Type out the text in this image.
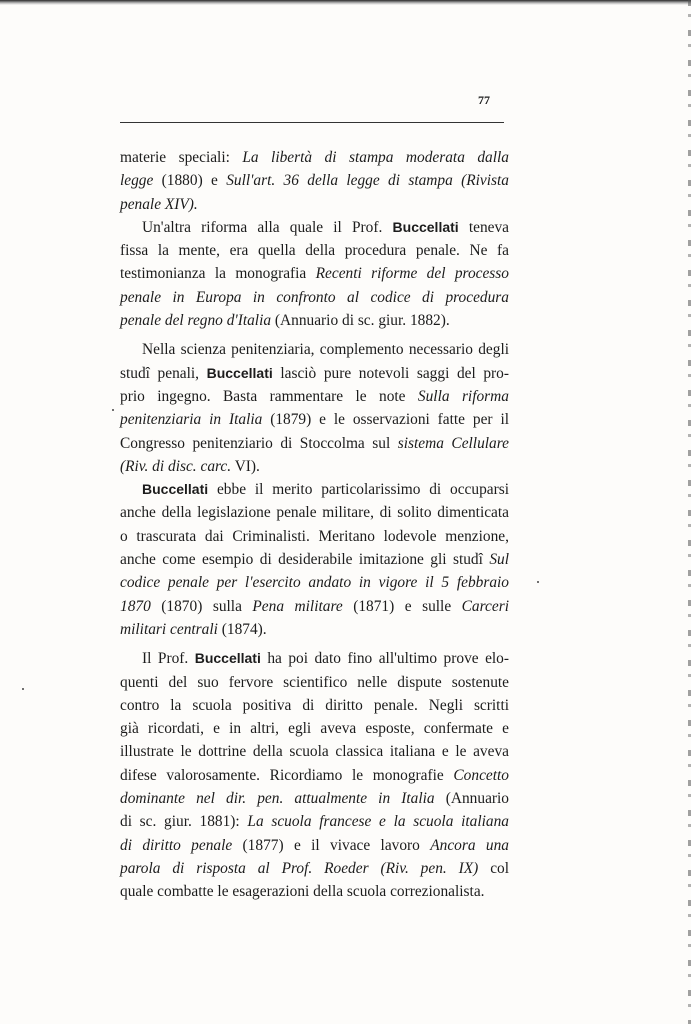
77
materie speciali: La libertà di stampa moderata dalla
legge (1880) e Sull'art. 36 della legge di stampa (Rivista
penale XIV).
Un'altra riforma alla quale il Prof. Buccellati teneva
fissa la mente, era quella della procedura penale. Ne fa
testimonianza la monografia Recenti riforme del processo
penale in Europa in confronto al codice di procedura
penale del regno d'Italia (Annuario di sc. giur. 1882).
Nella scienza penitenziaria, complemento necessario degli
studî penali, Buccellati lasciò pure notevoli saggi del pro-
prio ingegno. Basta rammentare le note Sulla riforma
penitenziaria in Italia (1879) e le osservazioni fatte per il
Congresso penitenziario di Stoccolma sul sistema Cellulare
(Riv. di disc. carc. VI).
Buccellati ebbe il merito particolarissimo di occuparsi
anche della legislazione penale militare, di solito dimenticata
o trascurata dai Criminalisti. Meritano lodevole menzione,
anche come esempio di desiderabile imitazione gli studî Sul
codice penale per l'esercito andato in vigore il 5 febbraio
1870 (1870) sulla Pena militare (1871) e sulle Carceri
militari centrali (1874).
Il Prof. Buccellati ha poi dato fino all'ultimo prove elo-
quenti del suo fervore scientifico nelle dispute sostenute
contro la scuola positiva di diritto penale. Negli scritti
già ricordati, e in altri, egli aveva esposte, confermate e
illustrate le dottrine della scuola classica italiana e le aveva
difese valorosamente. Ricordiamo le monografie Concetto
dominante nel dir. pen. attualmente in Italia (Annuario
di sc. giur. 1881): La scuola francese e la scuola italiana
di diritto penale (1877) e il vivace lavoro Ancora una
parola di risposta al Prof. Roeder (Riv. pen. IX) col
quale combatte le esagerazioni della scuola correzionalista.
